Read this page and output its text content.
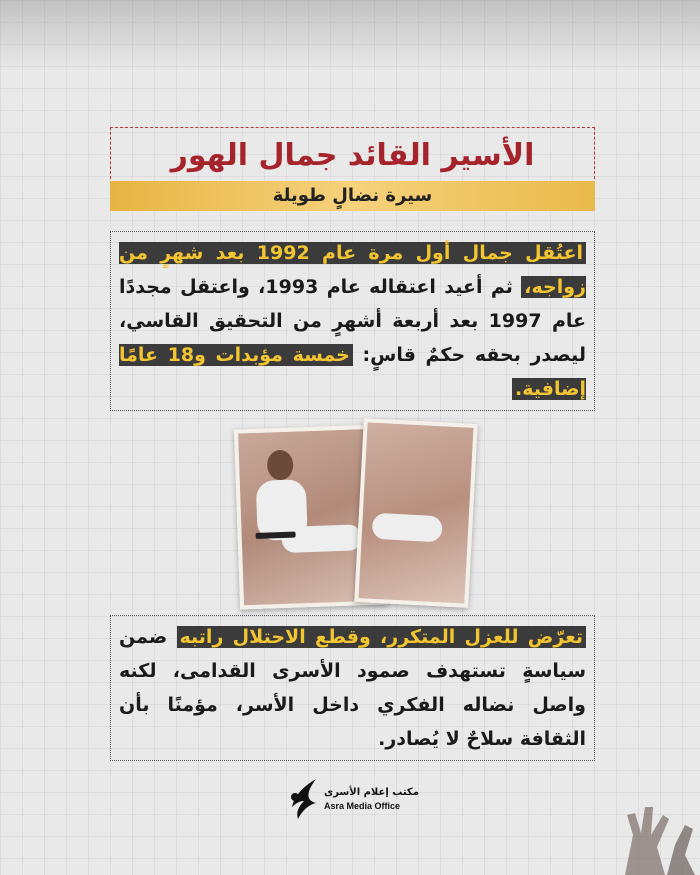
الأسير القائد جمال الهور
سيرة نضالٍ طويلة
اعتُقل جمال أول مرة عام 1992 بعد شهرٍ من زواجه، ثم أعيد اعتقاله عام 1993، واعتقل مجددًا عام 1997 بعد أربعة أشهرٍ من التحقيق القاسي، ليصدر بحقه حكمٌ قاسٍ: خمسة مؤبدات و18 عامًا إضافية.
تعرّض للعزل المتكرر، وقطع الاحتلال راتبه ضمن سياسةٍ تستهدف صمود الأسرى القدامى، لكنه واصل نضاله الفكري داخل الأسر، مؤمنًا بأن الثقافة سلاحٌ لا يُصادر.
مكتب إعلام الأسرى
Asra Media Office
